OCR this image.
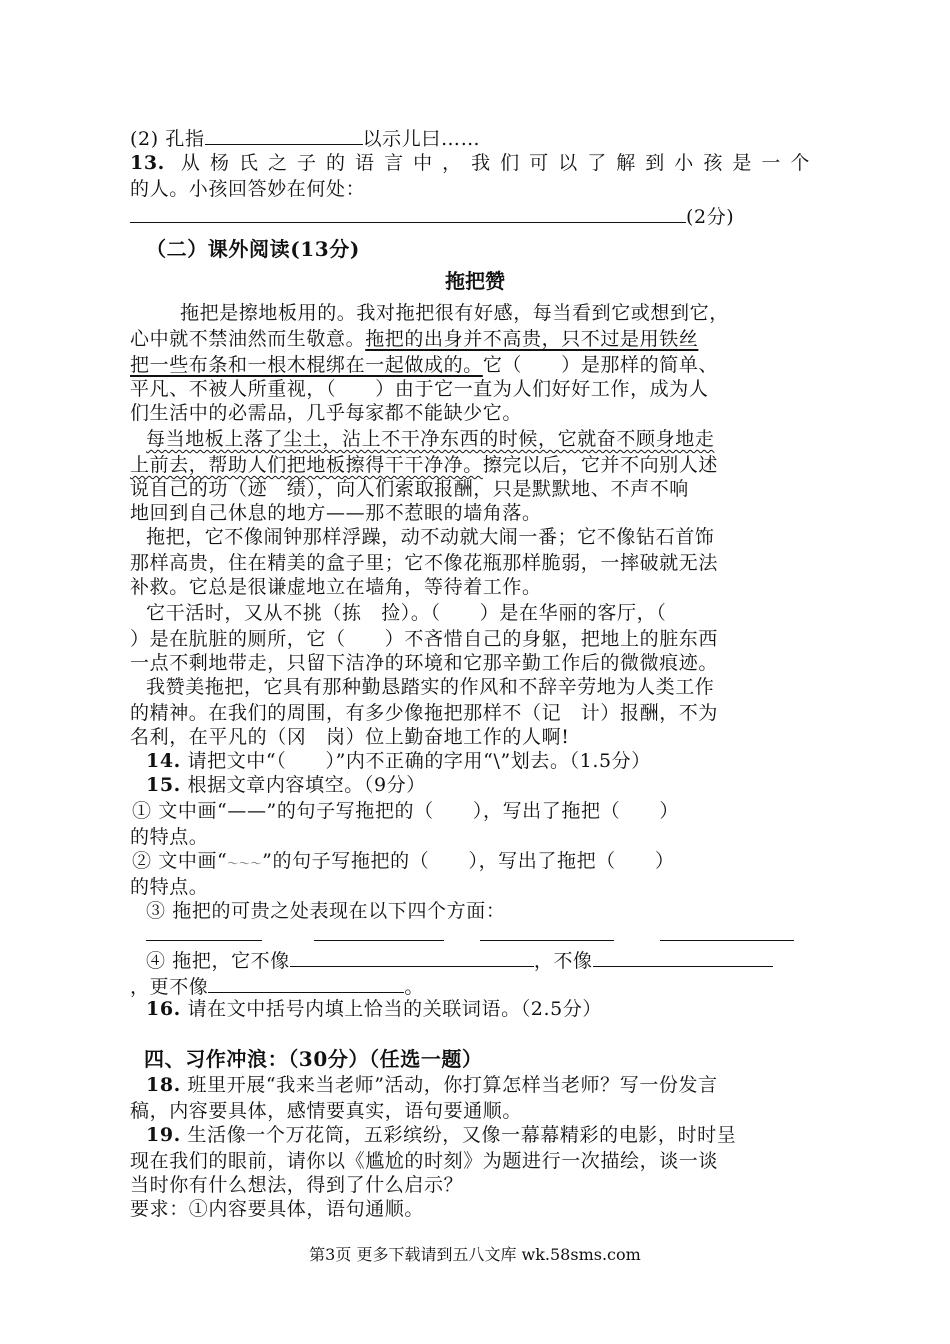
(2) 孔指	以示儿曰……
13. 从杨氏之子的语言中，我们可以了解到小孩是一个
的人。小孩回答妙在何处：
(2分)
（二）课外阅读(13分)
拖把赞
拖把是擦地板用的。我对拖把很有好感，每当看到它或想到它，
心中就不禁油然而生敬意。拖把的出身并不高贵，只不过是用铁丝
把一些布条和一根木棍绑在一起做成的。它（　　）是那样的简单、
平凡、不被人所重视，（　　）由于它一直为人们好好工作，成为人
们生活中的必需品，几乎每家都不能缺少它。
每当地板上落了尘土，沾上不干净东西的时候，它就奋不顾身地走
上前去，帮助人们把地板擦得干干净净。擦完以后，它并不向别人述
说自己的功（迹　绩），向人们索取报酬，只是默默地、不声不响
地回到自己休息的地方——那不惹眼的墙角落。
拖把，它不像闹钟那样浮躁，动不动就大闹一番；它不像钻石首饰
那样高贵，住在精美的盒子里；它不像花瓶那样脆弱，一摔破就无法
补救。它总是很谦虚地立在墙角，等待着工作。
它干活时，又从不挑（拣　捡）。（　　）是在华丽的客厅，（
）是在肮脏的厕所，它（　　）不吝惜自己的身躯，把地上的脏东西
一点不剩地带走，只留下洁净的环境和它那辛勤工作后的微微痕迹。
我赞美拖把，它具有那种勤恳踏实的作风和不辞辛劳地为人类工作
的精神。在我们的周围，有多少像拖把那样不（记　计）报酬，不为
名利，在平凡的（冈　岗）位上勤奋地工作的人啊!
14. 请把文中“（　　）”内不正确的字用“\”划去。（1.5分）
15. 根据文章内容填空。（9分）
① 文中画“——”的句子写拖把的（　　），写出了拖把（　　）
的特点。
② 文中画“～～～”的句子写拖把的（　　），写出了拖把（　　）
的特点。
③ 拖把的可贵之处表现在以下四个方面：
④ 拖把，它不像	，不像
，更不像	。
16. 请在文中括号内填上恰当的关联词语。（2.5分）
四、习作冲浪：（30分）（任选一题）
18. 班里开展“我来当老师”活动，你打算怎样当老师？写一份发言
稿，内容要具体，感情要真实，语句要通顺。
19. 生活像一个万花筒，五彩缤纷，又像一幕幕精彩的电影，时时呈
现在我们的眼前，请你以《尴尬的时刻》为题进行一次描绘，谈一谈
当时你有什么想法，得到了什么启示？
要求：①内容要具体，语句通顺。
第3页 更多下载请到五八文库 wk.58sms.com
